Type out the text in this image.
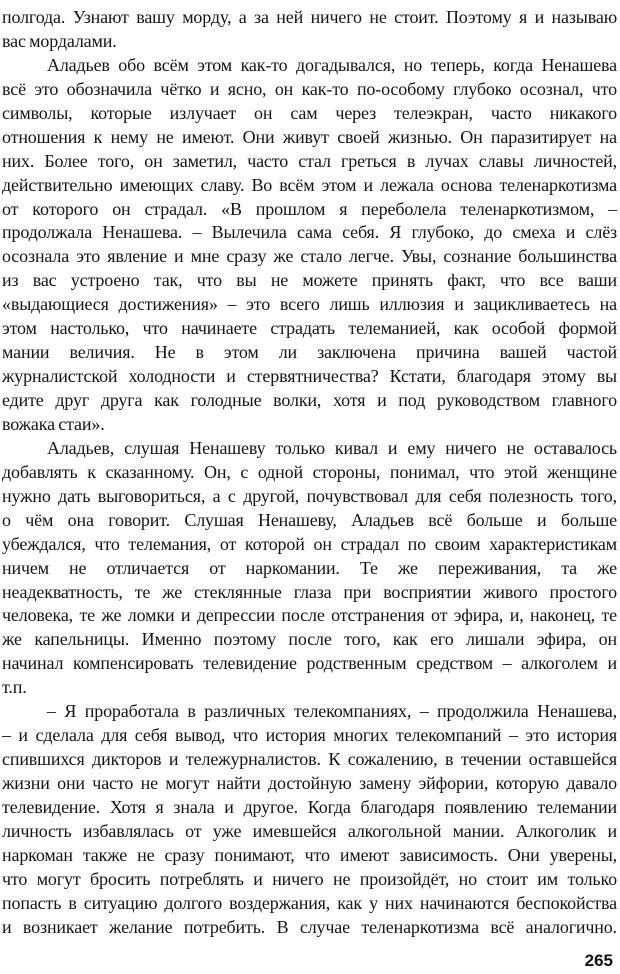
полгода. Узнают вашу морду, а за ней ничего не стоит. Поэтому я и называю
вас мордалами.
Аладьев обо всём этом как-то догадывался, но теперь, когда Ненашева
всё это обозначила чётко и ясно, он как-то по-особому глубоко осознал, что
символы, которые излучает он сам через телеэкран, часто никакого
отношения к нему не имеют. Они живут своей жизнью. Он паразитирует на
них. Более того, он заметил, часто стал греться в лучах славы личностей,
действительно имеющих славу. Во всём этом и лежала основа теленаркотизма
от которого он страдал. «В прошлом я переболела теленаркотизмом, –
продолжала Ненашева. – Вылечила сама себя. Я глубоко, до смеха и слёз
осознала это явление и мне сразу же стало легче. Увы, сознание большинства
из вас устроено так, что вы не можете принять факт, что все ваши
«выдающиеся достижения» – это всего лишь иллюзия и зацикливаетесь на
этом настолько, что начинаете страдать телеманией, как особой формой
мании величия. Не в этом ли заключена причина вашей частой
журналистской холодности и стервятничества? Кстати, благодаря этому вы
едите друг друга как голодные волки, хотя и под руководством главного
вожака стаи».
Аладьев, слушая Ненашеву только кивал и ему ничего не оставалось
добавлять к сказанному. Он, с одной стороны, понимал, что этой женщине
нужно дать выговориться, а с другой, почувствовал для себя полезность того,
о чём она говорит. Слушая Ненашеву, Аладьев всё больше и больше
убеждался, что телемания, от которой он страдал по своим характеристикам
ничем не отличается от наркомании. Те же переживания, та же
неадекватность, те же стеклянные глаза при восприятии живого простого
человека, те же ломки и депрессии после отстранения от эфира, и, наконец, те
же капельницы. Именно поэтому после того, как его лишали эфира, он
начинал компенсировать телевидение родственным средством – алкоголем и
т.п.
– Я проработала в различных телекомпаниях, – продолжила Ненашева,
– и сделала для себя вывод, что история многих телекомпаний – это история
спившихся дикторов и тележурналистов. К сожалению, в течении оставшейся
жизни они часто не могут найти достойную замену эйфории, которую давало
телевидение. Хотя я знала и другое. Когда благодаря появлению телемании
личность избавлялась от уже имевшейся алкогольной мании. Алкоголик и
наркоман также не сразу понимают, что имеют зависимость. Они уверены,
что могут бросить потреблять и ничего не произойдёт, но стоит им только
попасть в ситуацию долгого воздержания, как у них начинаются беспокойства
и возникает желание потребить. В случае теленаркотизма всё аналогично.
265
